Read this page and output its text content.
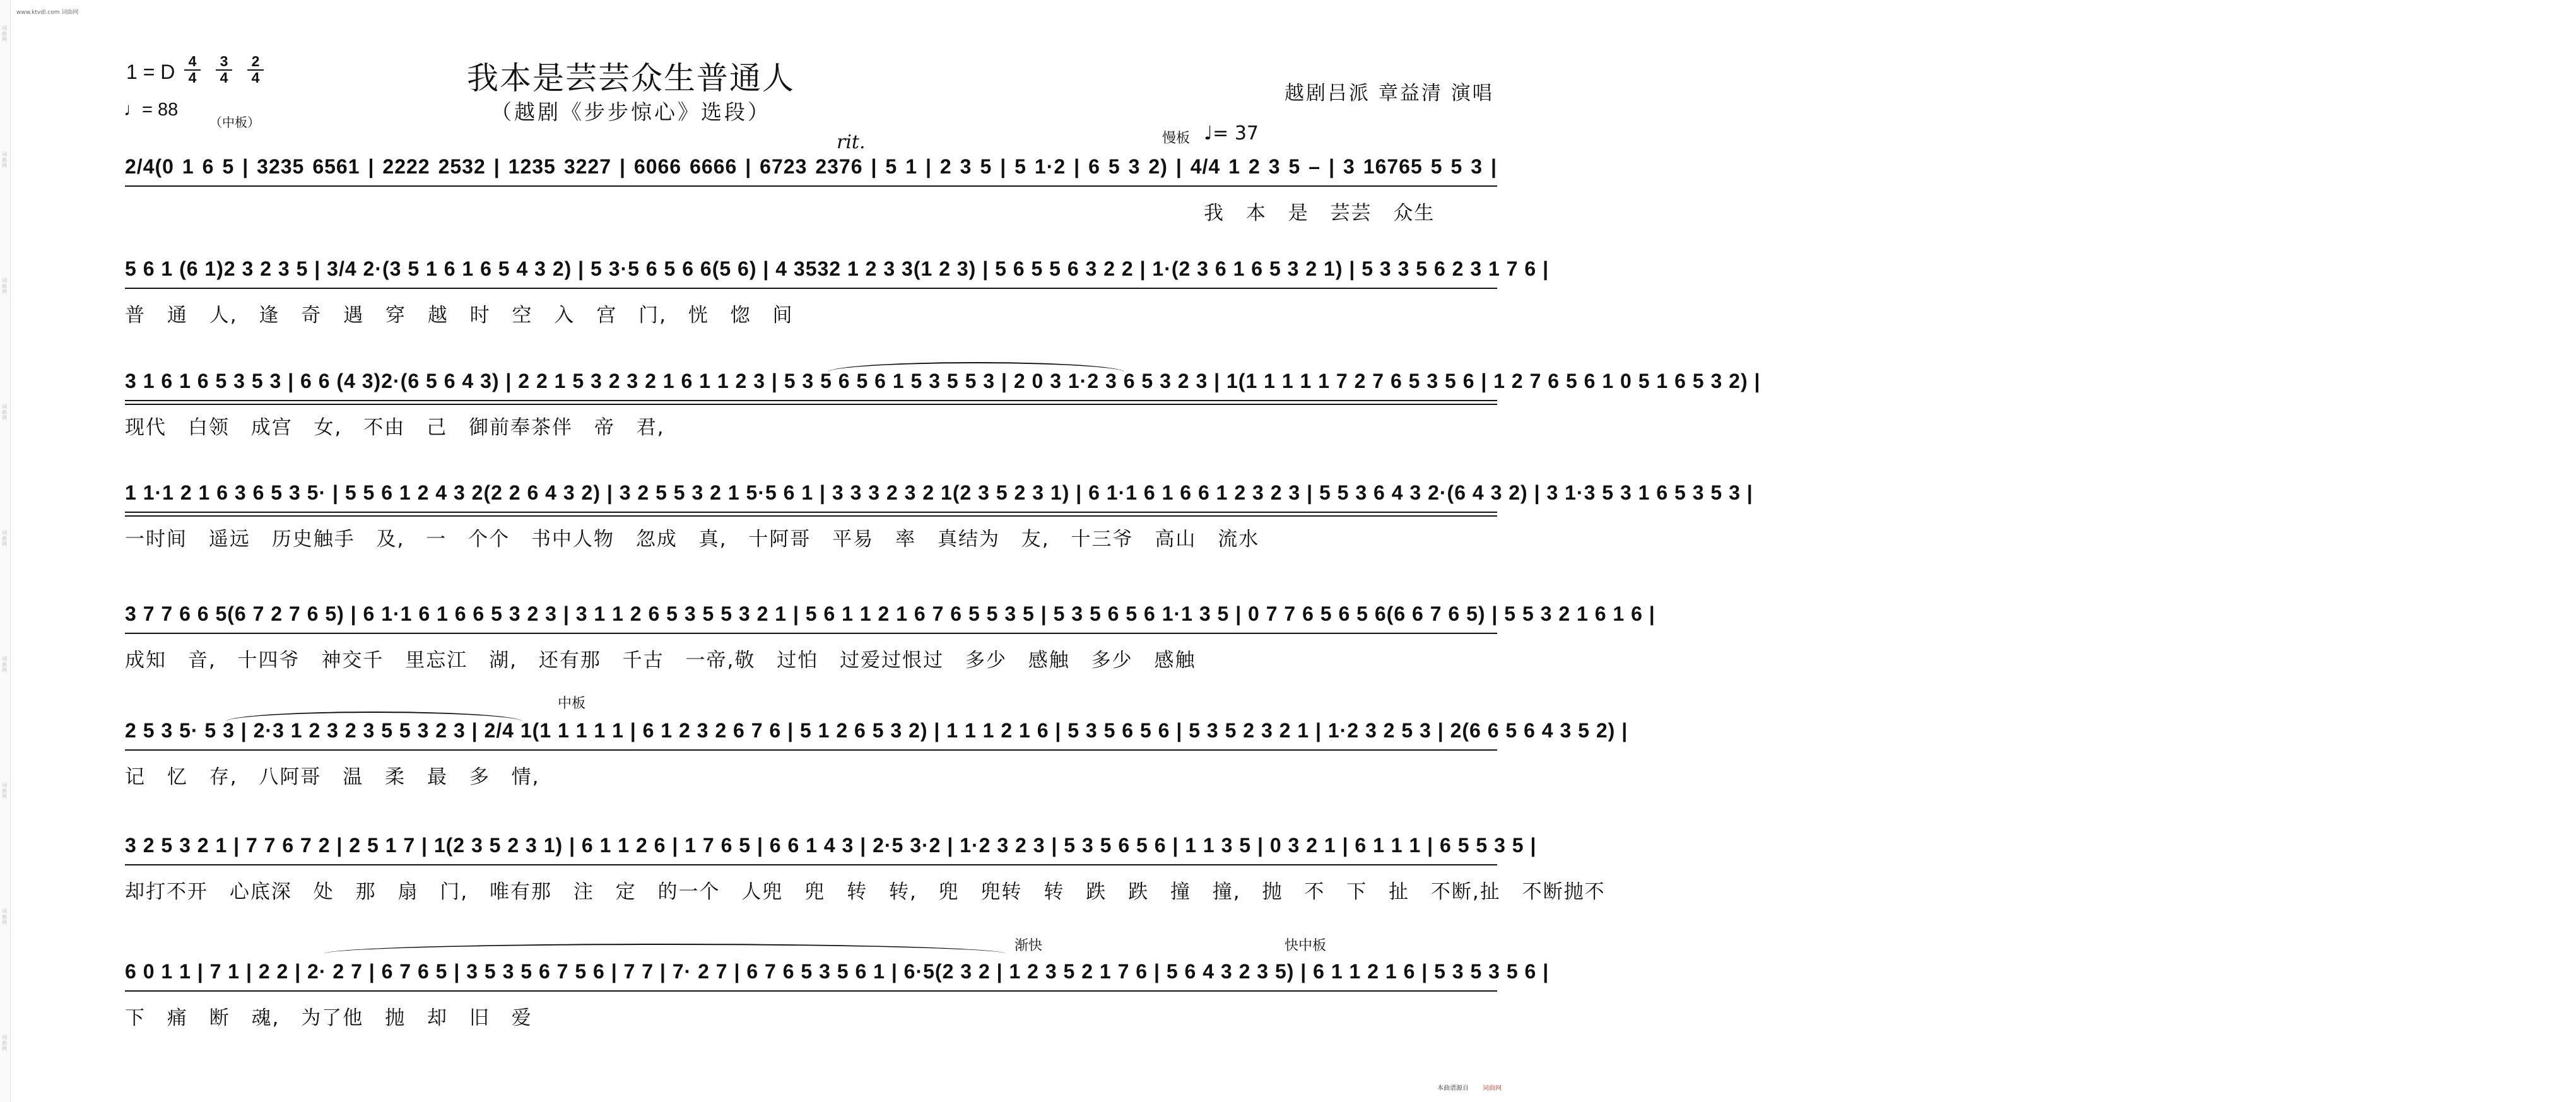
词曲网
词曲网
词曲网
词曲网
词曲网
词曲网
词曲网
词曲网
词曲网
www.ktvdl.com 词曲网
1 = D 4
4
3
4
2
4
♩= 88
（中板）
我本是芸芸众生普通人
（越剧《步步惊心》选段）
越剧吕派 章益清 演唱
rit.	慢板 ♩= 37
中板
渐快	快中板
2/4(0 1 6 5 | 3235 6561 | 2222 2532 | 1235 3227 | 6066 6666 | 6723 2376 | 5 1 | 2 3 5 | 5 1·2 | 6 5 3 2) | 4/4 1 2 3 5 – | 3 16765 5 5 3 |
我 本 是 芸芸 众生
5 6 1 (6 1)2 3 2 3 5 | 3/4 2·(3 5 1 6 1 6 5 4 3 2) | 5 3·5 6 5 6 6(5 6) | 4 3532 1 2 3 3(1 2 3) | 5 6 5 5 6 3 2 2 | 1·(2 3 6 1 6 5 3 2 1) | 5 3 3 5 6 2 3 1 7 6 |
普 通 人, 逢 奇 遇 穿 越 时 空 入 宫 门, 恍 惚 间
3 1 6 1 6 5 3 5 3 | 6 6 (4 3)2·(6 5 6 4 3) | 2 2 1 5 3 2 3 2 1 6 1 1 2 3 | 5 3 5 6 5 6 1 5 3 5 5 3 | 2 0 3 1·2 3 6 5 3 2 3 | 1(1 1 1 1 1 7 2 7 6 5 3 5 6 | 1 2 7 6 5 6 1 0 5 1 6 5 3 2) |
现代 白领 成宫 女, 不由 己 御前奉茶伴 帝 君,
1 1·1 2 1 6 3 6 5 3 5· | 5 5 6 1 2 4 3 2(2 2 6 4 3 2) | 3 2 5 5 3 2 1 5·5 6 1 | 3 3 3 2 3 2 1(2 3 5 2 3 1) | 6 1·1 6 1 6 6 1 2 3 2 3 | 5 5 3 6 4 3 2·(6 4 3 2) | 3 1·3 5 3 1 6 5 3 5 3 |
一时间 遥远 历史触手 及, 一 个个 书中人物 忽成 真, 十阿哥 平易 率 真结为 友, 十三爷 高山 流水
3 7 7 6 6 5(6 7 2 7 6 5) | 6 1·1 6 1 6 6 5 3 2 3 | 3 1 1 2 6 5 3 5 5 3 2 1 | 5 6 1 1 2 1 6 7 6 5 5 3 5 | 5 3 5 6 5 6 1·1 3 5 | 0 7 7 6 5 6 5 6(6 6 7 6 5) | 5 5 3 2 1 6 1 6 |
成知 音, 十四爷 神交千 里忘江 湖, 还有那 千古 一帝,敬 过怕 过爱过恨过 多少 感触 多少 感触
2 5 3 5· 5 3 | 2·3 1 2 3 2 3 5 5 3 2 3 | 2/4 1(1 1 1 1 1 | 6 1 2 3 2 6 7 6 | 5 1 2 6 5 3 2) | 1 1 1 2 1 6 | 5 3 5 6 5 6 | 5 3 5 2 3 2 1 | 1·2 3 2 5 3 | 2(6 6 5 6 4 3 5 2) |
记 忆 存, 八阿哥 温 柔 最 多 情,
3 2 5 3 2 1 | 7 7 6 7 2 | 2 5 1 7 | 1(2 3 5 2 3 1) | 6 1 1 2 6 | 1 7 6 5 | 6 6 1 4 3 | 2·5 3·2 | 1·2 3 2 3 | 5 3 5 6 5 6 | 1 1 3 5 | 0 3 2 1 | 6 1 1 1 | 6 5 5 3 5 |
却打不开 心底深 处 那 扇 门, 唯有那 注 定 的一个 人兜 兜 转 转, 兜 兜转 转 跌 跌 撞 撞, 抛 不 下 扯 不断,扯 不断抛不
6 0 1 1 | 7 1 | 2 2 | 2· 2 7 | 6 7 6 5 | 3 5 3 5 6 7 5 6 | 7 7 | 7· 2 7 | 6 7 6 5 3 5 6 1 | 6·5(2 3 2 | 1 2 3 5 2 1 7 6 | 5 6 4 3 2 3 5) | 6 1 1 2 1 6 | 5 3 5 3 5 6 |
下 痛 断 魂, 为了他 抛 却 旧 爱
本曲谱源自 词曲网
